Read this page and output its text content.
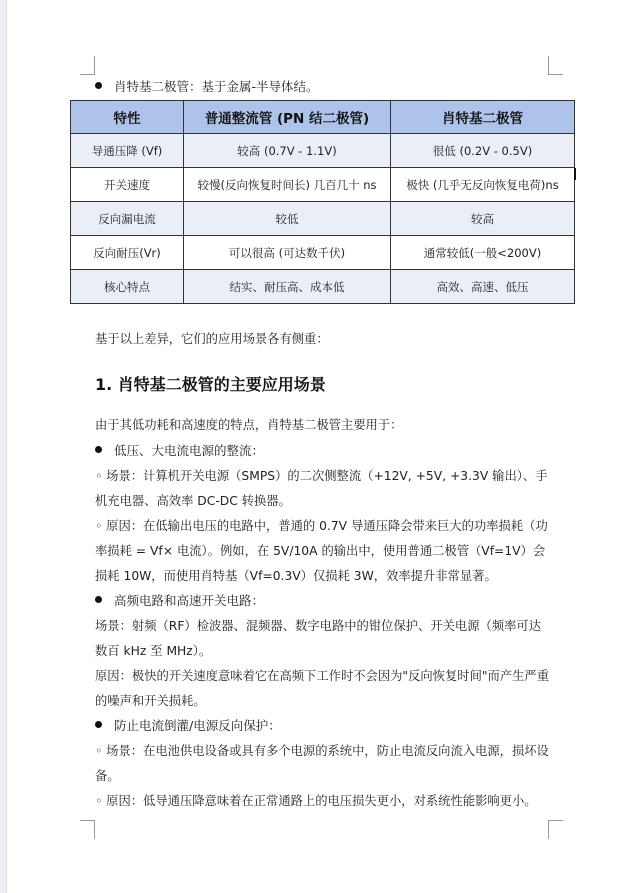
肖特基二极管：基于金属-半导体结。
特性	普通整流管 (PN 结二极管)	肖特基二极管
导通压降 (Vf)	较高 (0.7V - 1.1V)	很低 (0.2V - 0.5V)
开关速度	较慢(反向恢复时间长) 几百几十 ns	极快 (几乎无反向恢复电荷)ns
反向漏电流	较低	较高
反向耐压(Vr)	可以很高 (可达数千伏)	通常较低(一般<200V)
核心特点	结实、耐压高、成本低	高效、高速、低压
基于以上差异，它们的应用场景各有侧重：
1. 肖特基二极管的主要应用场景
由于其低功耗和高速度的特点，肖特基二极管主要用于：
低压、大电流电源的整流：
◦ 场景：计算机开关电源（SMPS）的二次侧整流（+12V, +5V, +3.3V 输出）、手机充电器、高效率 DC-DC 转换器。
◦ 原因：在低输出电压的电路中，普通的 0.7V 导通压降会带来巨大的功率损耗（功率损耗 = Vf× 电流）。例如，在 5V/10A 的输出中，使用普通二极管（Vf=1V）会损耗 10W，而使用肖特基（Vf=0.3V）仅损耗 3W，效率提升非常显著。
高频电路和高速开关电路：
场景：射频（RF）检波器、混频器、数字电路中的钳位保护、开关电源（频率可达数百 kHz 至 MHz）。
原因：极快的开关速度意味着它在高频下工作时不会因为"反向恢复时间"而产生严重的噪声和开关损耗。
防止电流倒灌/电源反向保护：
◦ 场景：在电池供电设备或具有多个电源的系统中，防止电流反向流入电源，损坏设备。
◦ 原因：低导通压降意味着在正常通路上的电压损失更小，对系统性能影响更小。
